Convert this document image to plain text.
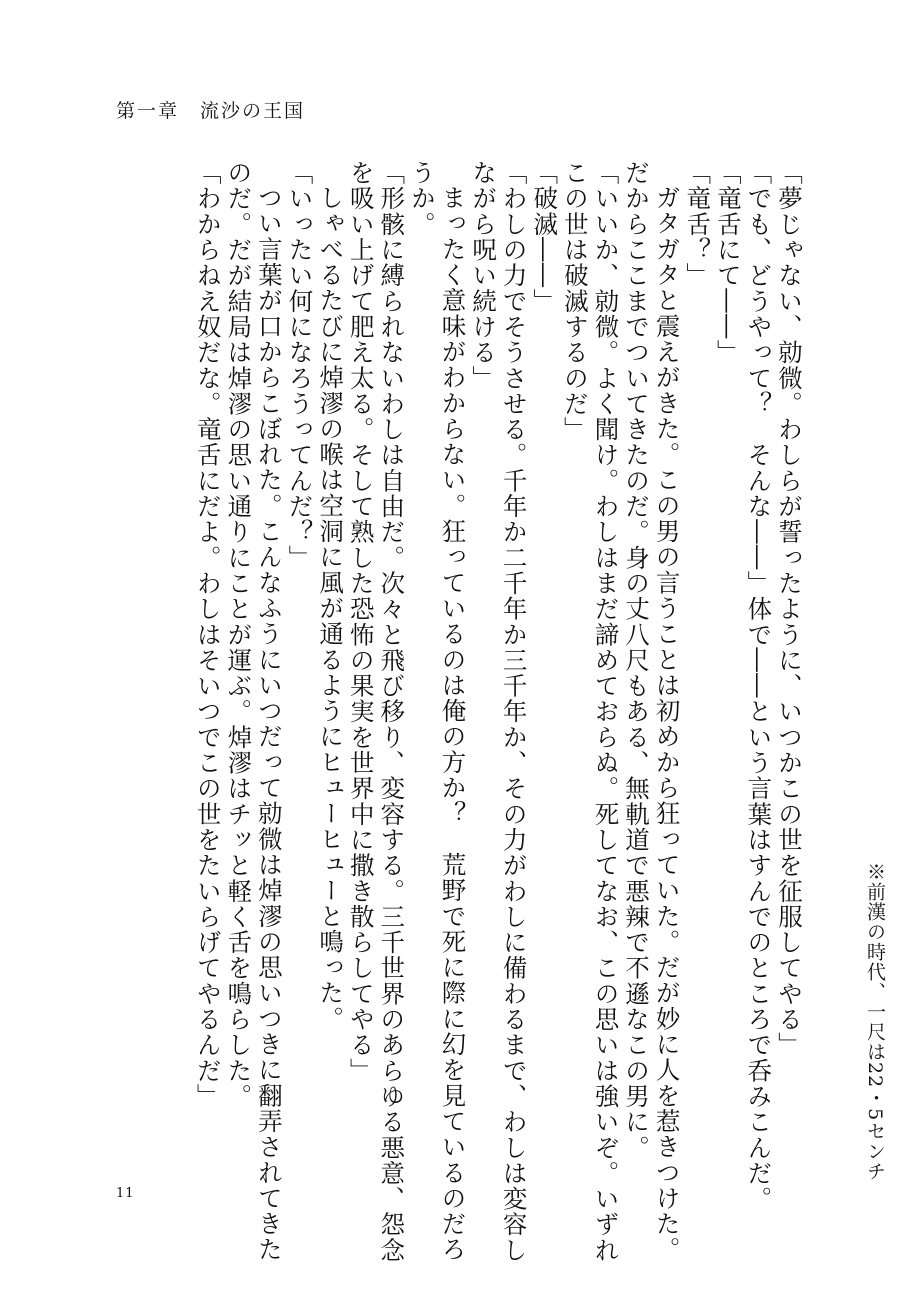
第一章　流沙の王国

「夢じゃない、勍微。わしらが誓ったように、いつかこの世を征服してやる」

「でも、どうやって？　そんな――」体で――という言葉はすんでのところで呑みこんだ。

「竜舌にて――」

「竜舌？」

ガタガタと震えがきた。この男の言うことは初めから狂っていた。だが妙に人を惹きつけた。

だからここまでついてきたのだ。身の丈八尺もある、無軌道で悪辣で不遜なこの男に。

「いいか、勍微。よく聞け。わしはまだ諦めておらぬ。死してなお、この思いは強いぞ。いずれ

この世は破滅するのだ」

「破滅――」

「わしの力でそうさせる。千年か二千年か三千年か、その力がわしに備わるまで、わしは変容し

ながら呪い続ける」

まったく意味がわからない。狂っているのは俺の方か？　荒野で死に際に幻を見ているのだろ

うか。

「形骸に縛られないわしは自由だ。次々と飛び移り、変容する。三千世界のあらゆる悪意、怨念

を吸い上げて肥え太る。そして熟した恐怖の果実を世界中に撒き散らしてやる」

しゃべるたびに焯漻の喉は空洞に風が通るようにヒューヒューと鳴った。

「いったい何になろうってんだ？」

つい言葉が口からこぼれた。こんなふうにいつだって勍微は焯漻の思いつきに翻弄されてきた

のだ。だが結局は焯漻の思い通りにことが運ぶ。焯漻はチッと軽く舌を鳴らした。

「わからねえ奴だな。竜舌にだよ。わしはそいつでこの世をたいらげてやるんだ」	※前漢の時代、一尺は22・5センチ
11
